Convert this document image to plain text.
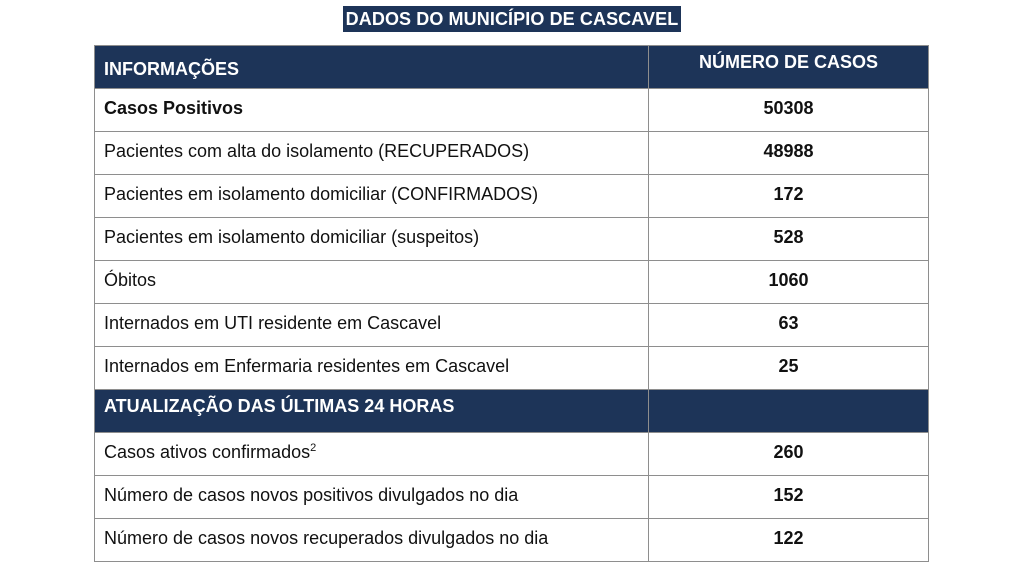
DADOS DO MUNICÍPIO DE CASCAVEL
INFORMAÇÕES	NÚMERO DE CASOS
Casos Positivos	50308
Pacientes com alta do isolamento (RECUPERADOS)	48988
Pacientes em isolamento domiciliar (CONFIRMADOS)	172
Pacientes em isolamento domiciliar (suspeitos)	528
Óbitos	1060
Internados em UTI residente em Cascavel	63
Internados em Enfermaria residentes em Cascavel	25
ATUALIZAÇÃO DAS ÚLTIMAS 24 HORAS	
Casos ativos confirmados$^2$	260
Número de casos novos positivos divulgados no dia	152
Número de casos novos recuperados divulgados no dia	122
